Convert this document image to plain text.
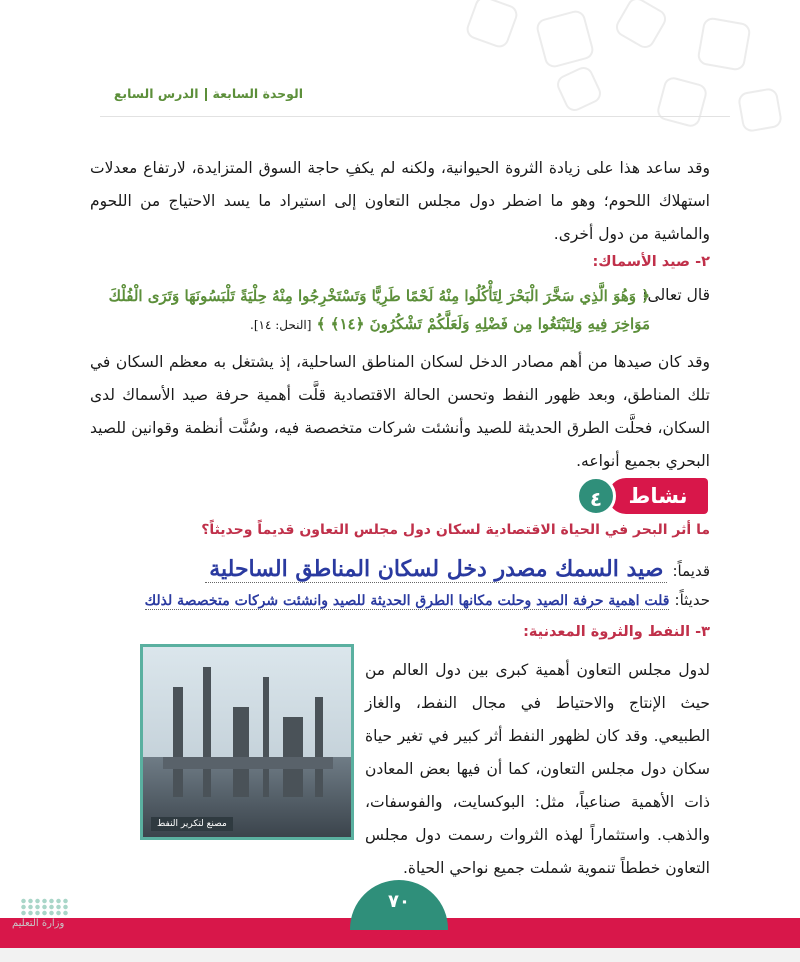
الوحدة السابعةالدرس السابع
وقد ساعد هذا على زيادة الثروة الحيوانية، ولكنه لم يكفِ حاجة السوق المتزايدة، لارتفاع معدلات استهلاك اللحوم؛ وهو ما اضطر دول مجلس التعاون إلى استيراد ما يسد الاحتياج من اللحوم والماشية من دول أخرى.
٢- صيد الأسماك:
قال تعالى:
﴿ وَهُوَ الَّذِي سَخَّرَ الْبَحْرَ لِتَأْكُلُوا مِنْهُ لَحْمًا طَرِيًّا وَتَسْتَخْرِجُوا مِنْهُ حِلْيَةً تَلْبَسُونَهَا وَتَرَى الْفُلْكَ مَوَاخِرَ فِيهِ وَلِتَبْتَغُوا مِن فَضْلِهِ وَلَعَلَّكُمْ تَشْكُرُونَ ﴿١٤﴾ ﴾ [النحل: ١٤].
وقد كان صيدها من أهم مصادر الدخل لسكان المناطق الساحلية، إذ يشتغل به معظم السكان في تلك المناطق، وبعد ظهور النفط وتحسن الحالة الاقتصادية قلَّت أهمية حرفة صيد الأسماك لدى السكان، فحلَّت الطرق الحديثة للصيد وأنشئت شركات متخصصة فيه، وسُنَّت أنظمة وقوانين للصيد البحري بجميع أنواعه.
نشاط
٤
ما أثر البحر في الحياة الاقتصادية لسكان دول مجلس التعاون قديماً وحديثاً؟
قديماً: صيد السمك مصدر دخل لسكان المناطق الساحلية
حديثاً: قلت اهمية حرفة الصيد وحلت مكانها الطرق الحديثة للصيد وانشئت شركات متخصصة لذلك
٣- النفط والثروة المعدنية:
لدول مجلس التعاون أهمية كبرى بين دول العالم من حيث الإنتاج والاحتياط في مجال النفط، والغاز الطبيعي. وقد كان لظهور النفط أثر كبير في تغير حياة سكان دول مجلس التعاون، كما أن فيها بعض المعادن ذات الأهمية صناعياً، مثل: البوكسايت، والفوسفات، والذهب. واستثماراً لهذه الثروات رسمت دول مجلس التعاون خططاً تنموية شملت جميع نواحي الحياة.
مصنع لتكرير النفط
٧٠
وزارة التعليم
